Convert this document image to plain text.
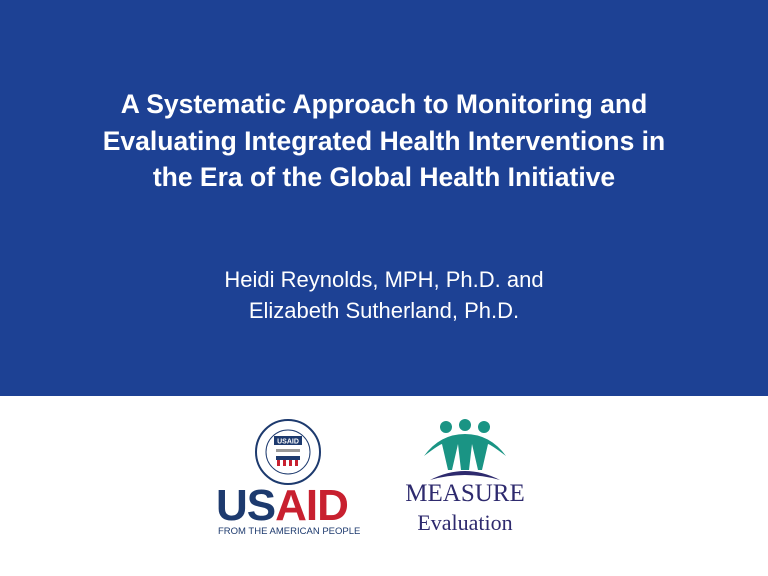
A Systematic Approach to Monitoring and
Evaluating Integrated Health Interventions in
the Era of the Global Health Initiative
Heidi Reynolds, MPH, Ph.D. and
Elizabeth Sutherland, Ph.D.
USAID
USAID
FROM THE AMERICAN PEOPLE
MEASURE
Evaluation
